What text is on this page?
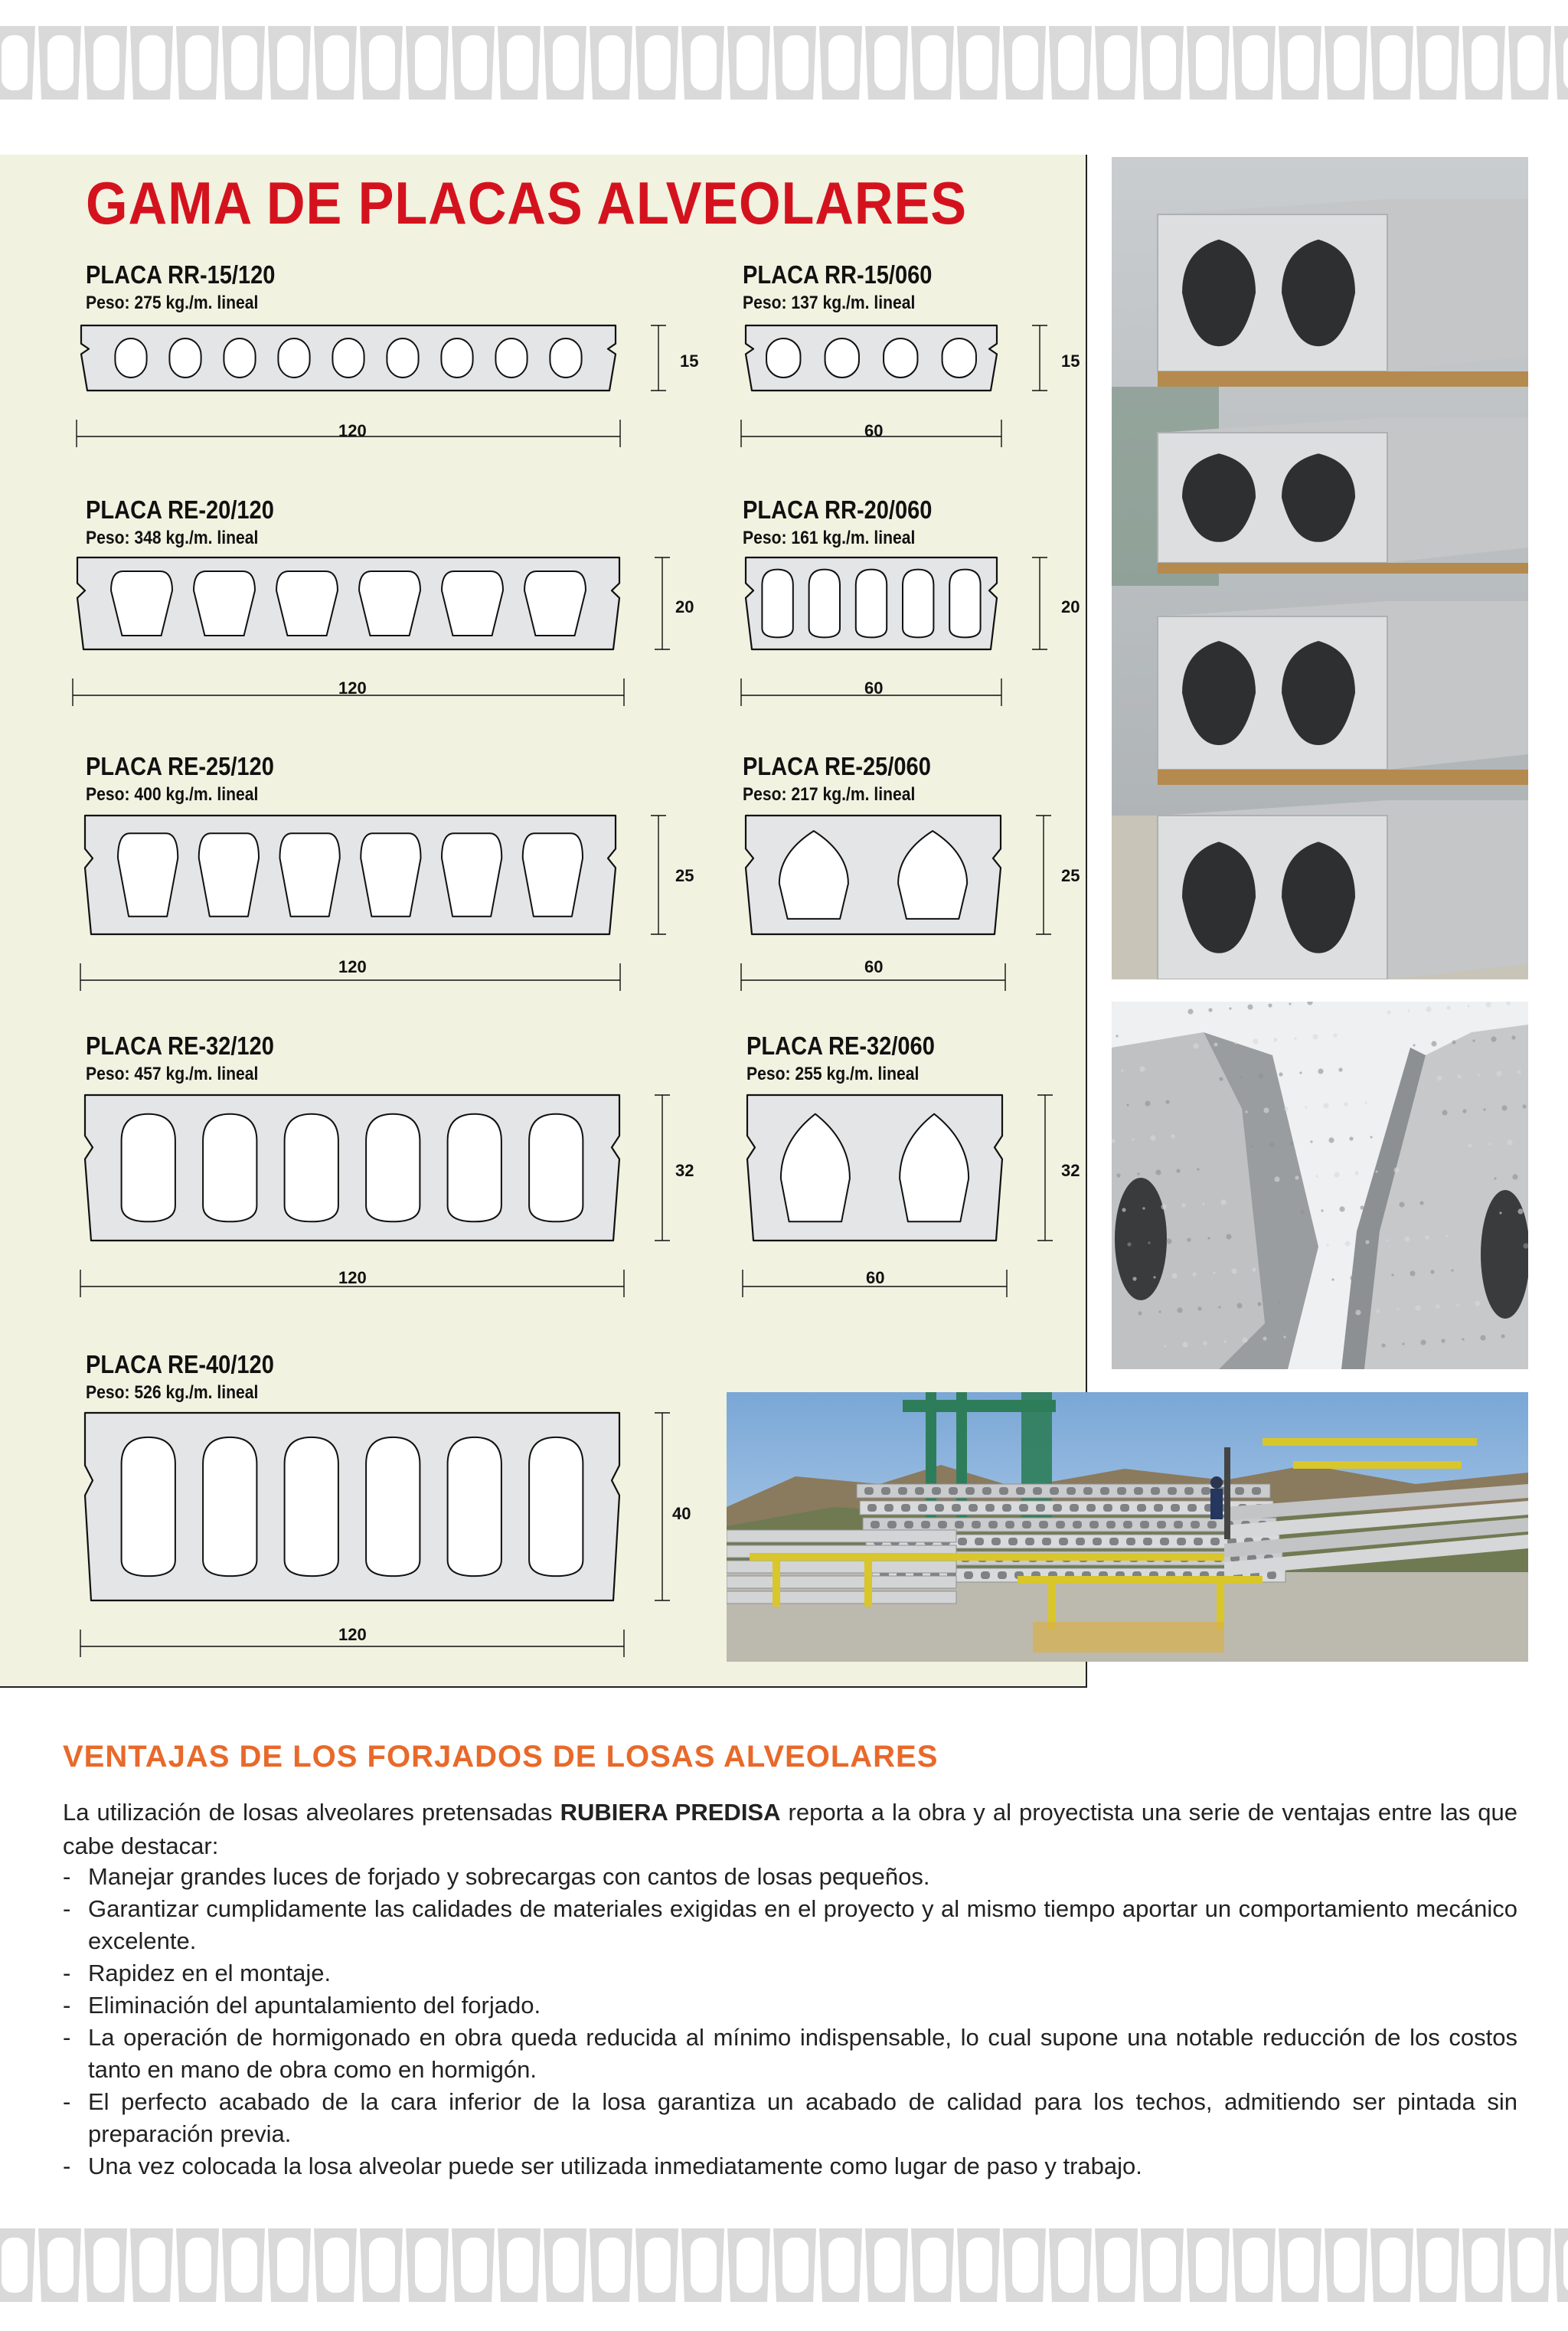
GAMA DE PLACAS ALVEOLARES
PLACA RR-15/120
Peso: 275 kg./m. lineal
PLACA RR-15/060
Peso: 137 kg./m. lineal
PLACA RE-20/120
Peso: 348 kg./m. lineal
PLACA RR-20/060
Peso: 161 kg./m. lineal
PLACA RE-25/120
Peso: 400 kg./m. lineal
PLACA RE-25/060
Peso: 217 kg./m. lineal
PLACA RE-32/120
Peso: 457 kg./m. lineal
PLACA RE-32/060
Peso: 255 kg./m. lineal
PLACA RE-40/120
Peso: 526 kg./m. lineal
15	15
120	60
20	20
120	60
25	25
120	60
32	32
120	60
40
120
VENTAJAS DE LOS FORJADOS DE LOSAS ALVEOLARES
La utilización de losas alveolares pretensadas RUBIERA PREDISA reporta a la obra y al proyectista una serie de ventajas entre las que cabe destacar:
- Manejar grandes luces de forjado y sobrecargas con cantos de losas pequeños.
- Garantizar cumplidamente las calidades de materiales exigidas en el proyecto y al mismo tiempo aportar un comportamiento mecánico excelente.
- Rapidez en el montaje.
- Eliminación del apuntalamiento del forjado.
- La operación de hormigonado en obra queda reducida al mínimo indispensable, lo cual supone una notable reducción de los costos tanto en mano de obra como en hormigón.
- El perfecto acabado de la cara inferior de la losa garantiza un acabado de calidad para los techos, admitiendo ser pintada sin preparación previa.
- Una vez colocada la losa alveolar puede ser utilizada inmediatamente como lugar de paso y trabajo.
